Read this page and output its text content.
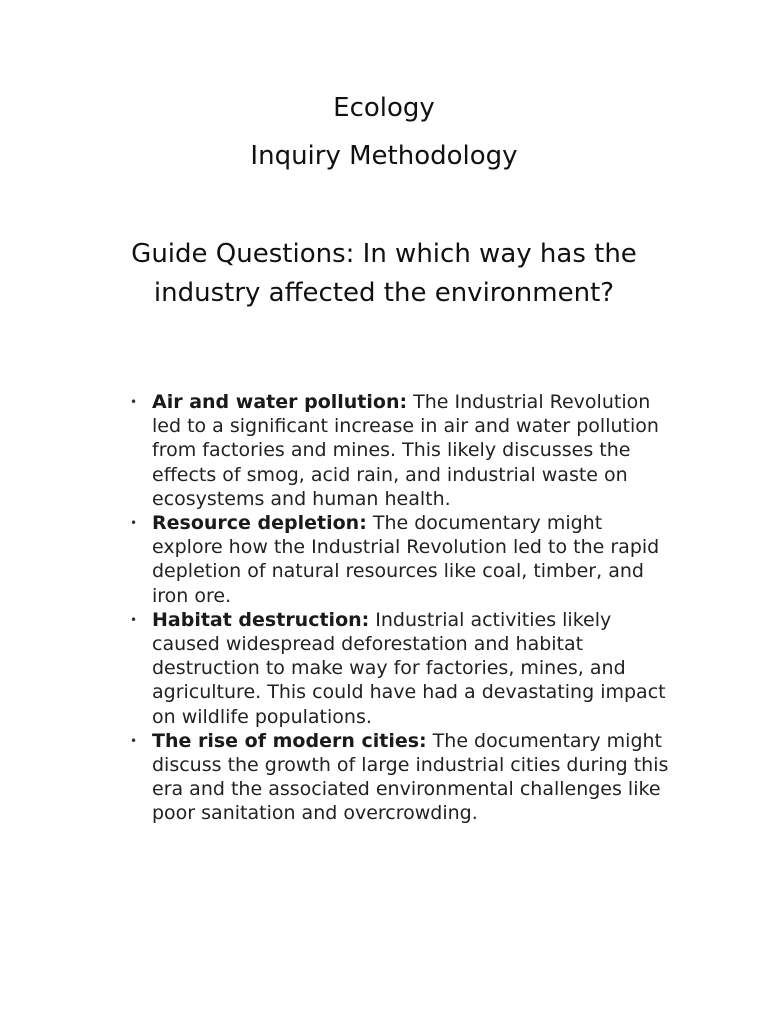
Ecology
Inquiry Methodology

Guide Questions: In which way has the industry affected the environment?

• Air and water pollution: The Industrial Revolution led to a significant increase in air and water pollution from factories and mines. This likely discusses the effects of smog, acid rain, and industrial waste on ecosystems and human health.
• Resource depletion: The documentary might explore how the Industrial Revolution led to the rapid depletion of natural resources like coal, timber, and iron ore.
• Habitat destruction: Industrial activities likely caused widespread deforestation and habitat destruction to make way for factories, mines, and agriculture. This could have had a devastating impact on wildlife populations.
• The rise of modern cities: The documentary might discuss the growth of large industrial cities during this era and the associated environmental challenges like poor sanitation and overcrowding.
